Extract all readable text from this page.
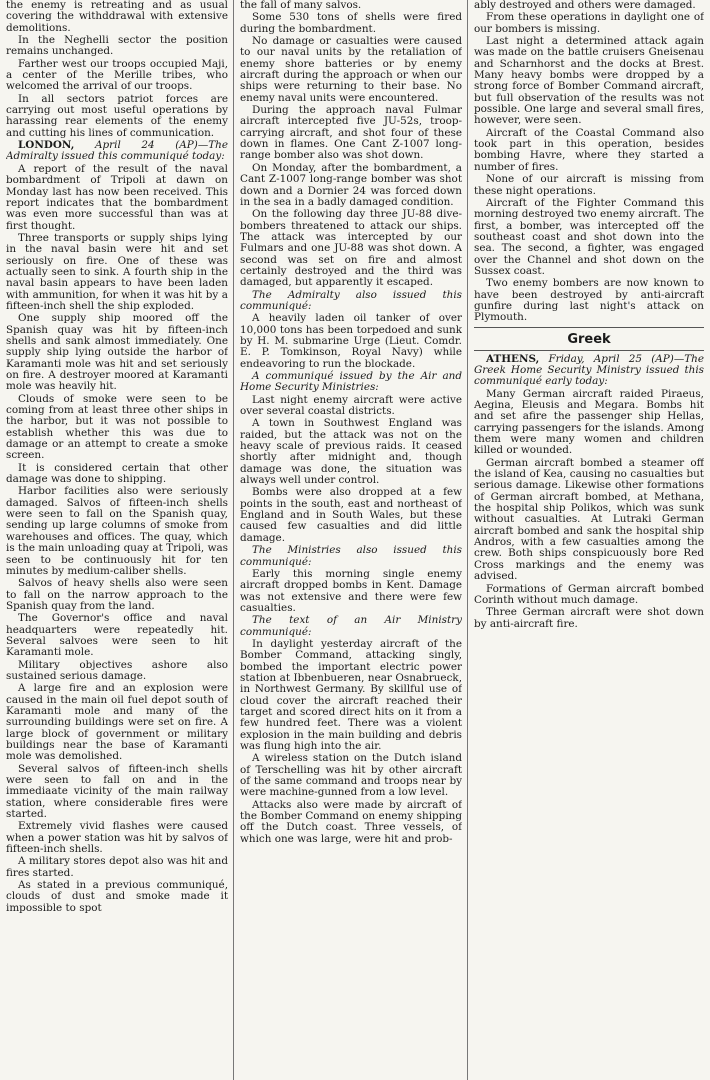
the enemy is retreating and as usual covering the withddrawal with extensive demolitions.

In the Neghelli sector the position remains unchanged.

Farther west our troops occupied Maji, a center of the Merille tribes, who welcomed the arrival of our troops.

In all sectors patriot forces are carrying out most useful operations by harassing rear elements of the enemy and cutting his lines of communication.

LONDON, April 24 (AP)—The Admiralty issued this communiqué today:

A report of the result of the naval bombardment of Tripoli at dawn on Monday last has now been received. This report indicates that the bombardment was even more successful than was at first thought.

Three transports or supply ships lying in the naval basin were hit and set seriously on fire. One of these was actually seen to sink. A fourth ship in the naval basin appears to have been laden with ammunition, for when it was hit by a fifteen-inch shell the ship exploded.

One supply ship moored off the Spanish quay was hit by fifteen-inch shells and sank almost immediately. One supply ship lying outside the harbor of Karamanti mole was hit and set seriously on fire. A destroyer moored at Karamanti mole was heavily hit.

Clouds of smoke were seen to be coming from at least three other ships in the harbor, but it was not possible to establish whether this was due to damage or an attempt to create a smoke screen.

It is considered certain that other damage was done to shipping.

Harbor facilities also were seriously damaged. Salvos of fifteen-inch shells were seen to fall on the Spanish quay, sending up large columns of smoke from warehouses and offices. The quay, which is the main unloading quay at Tripoli, was seen to be continuously hit for ten minutes by medium-caliber shells.

Salvos of heavy shells also were seen to fall on the narrow approach to the Spanish quay from the land.

The Governor's office and naval headquarters were repeatedly hit. Several salvoes were seen to hit Karamanti mole.

Military objectives ashore also sustained serious damage.

A large fire and an explosion were caused in the main oil fuel depot south of Karamanti mole and many of the surrounding buildings were set on fire. A large block of government or military buildings near the base of Karamanti mole was demolished.

Several salvos of fifteen-inch shells were seen to fall on and in the immediaate vicinity of the main railway station, where considerable fires were started.

Extremely vivid flashes were caused when a power station was hit by salvos of fifteen-inch shells.

A military stores depot also was hit and fires started.

As stated in a previous communiqué, clouds of dust and smoke made it impossible to spot

the fall of many salvos.

Some 530 tons of shells were fired during the bombardment.

No damage or casualties were caused to our naval units by the retaliation of enemy shore batteries or by enemy aircraft during the approach or when our ships were returning to their base. No enemy naval units were encountered.

During the approach naval Fulmar aircraft intercepted five JU-52s, troop-carrying aircraft, and shot four of these down in flames. One Cant Z-1007 long-range bomber also was shot down.

On Monday, after the bombardment, a Cant Z-1007 long-range bomber was shot down and a Dornier 24 was forced down in the sea in a badly damaged condition.

On the following day three JU-88 dive-bombers threatened to attack our ships. The attack was intercepted by our Fulmars and one JU-88 was shot down. A second was set on fire and almost certainly destroyed and the third was damaged, but apparently it escaped.

The Admiralty also issued this communiqué:

A heavily laden oil tanker of over 10,000 tons has been torpedoed and sunk by H. M. submarine Urge (Lieut. Comdr. E. P. Tomkinson, Royal Navy) while endeavoring to run the blockade.

A communiqué issued by the Air and Home Security Ministries:

Last night enemy aircraft were active over several coastal districts.

A town in Southwest England was raided, but the attack was not on the heavy scale of previous raids. It ceased shortly after midnight and, though damage was done, the situation was always well under control.

Bombs were also dropped at a few points in the south, east and northeast of England and in South Wales, but these caused few casualties and did little damage.

The Ministries also issued this communiqué:

Early this morning single enemy aircraft dropped bombs in Kent. Damage was not extensive and there were few casualties.

The text of an Air Ministry communiqué:

In daylight yesterday aircraft of the Bomber Command, attacking singly, bombed the important electric power station at Ibbenbueren, near Osnabrueck, in Northwest Germany. By skillful use of cloud cover the aircraft reached their target and scored direct hits on it from a few hundred feet. There was a violent explosion in the main building and debris was flung high into the air.

A wireless station on the Dutch island of Terschelling was hit by other aircraft of the same command and troops near by were machine-gunned from a low level.

Attacks also were made by aircraft of the Bomber Command on enemy shipping off the Dutch coast. Three vessels, of which one was large, were hit and prob-

ably destroyed and others were damaged.

From these operations in daylight one of our bombers is missing.

Last night a determined attack again was made on the battle cruisers Gneisenau and Scharnhorst and the docks at Brest. Many heavy bombs were dropped by a strong force of Bomber Command aircraft, but full observation of the results was not possible. One large and several small fires, however, were seen.

Aircraft of the Coastal Command also took part in this operation, besides bombing Havre, where they started a number of fires.

None of our aircraft is missing from these night operations.

Aircraft of the Fighter Command this morning destroyed two enemy aircraft. The first, a bomber, was intercepted off the southeast coast and shot down into the sea. The second, a fighter, was engaged over the Channel and shot down on the Sussex coast.

Two enemy bombers are now known to have been destroyed by anti-aircraft gunfire during last night's attack on Plymouth.

Greek

ATHENS, Friday, April 25 (AP)—The Greek Home Security Ministry issued this communiqué early today:

Many German aircraft raided Piraeus, Aegina, Eleusis and Megara. Bombs hit and set afire the passenger ship Hellas, carrying passengers for the islands. Among them were many women and children killed or wounded.

German aircraft bombed a steamer off the island of Kea, causing no casualties but serious damage. Likewise other formations of German aircraft bombed, at Methana, the hospital ship Polikos, which was sunk without casualties. At Lutraki German aircraft bombed and sank the hospital ship Andros, with a few casualties among the crew. Both ships conspicuously bore Red Cross markings and the enemy was advised.

Formations of German aircraft bombed Corinth without much damage.

Three German aircraft were shot down by anti-aircraft fire.
